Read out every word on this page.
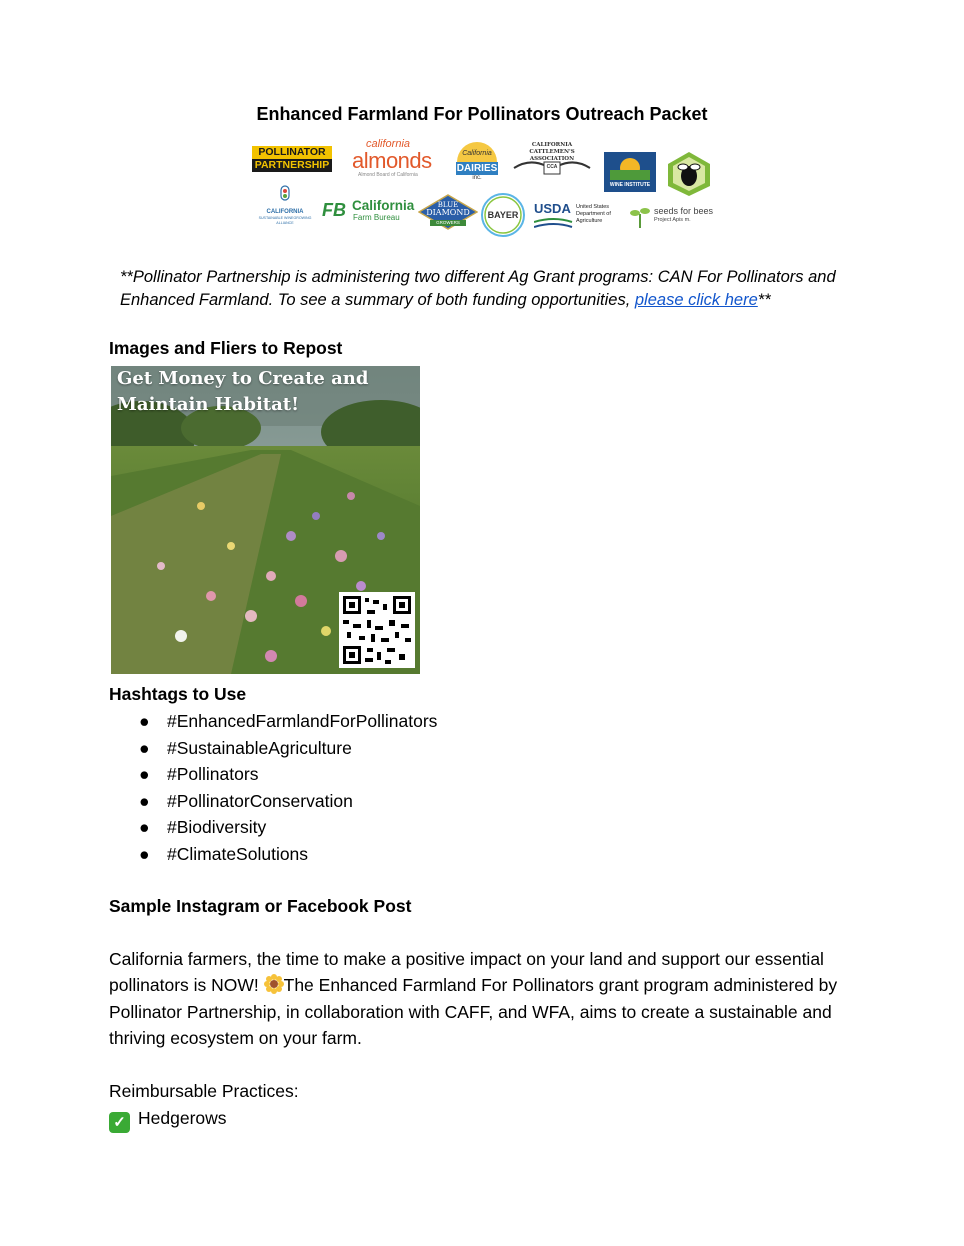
Enhanced Farmland For Pollinators Outreach Packet
POLLINATOR
PARTNERSHIP
california
almonds
Almond Board of California
California
DAIRIES
inc.
CALIFORNIA CATTLEMEN'S ASSOCIATION
CCA
WINE INSTITUTE
CALIFORNIA
SUSTAINABLE WINEGROWING ALLIANCE
FB California
Farm Bureau
BLUE
DIAMOND
GROWERS
BAYER	USDA United States
Department of
Agriculture
seeds for bees
Project Apis m.
**Pollinator Partnership is administering two different Ag Grant programs: CAN For Pollinators and Enhanced Farmland. To see a summary of both funding opportunities, please click here**
Images and Fliers to Repost
Get Money to Create and Maintain Habitat!
Hashtags to Use
● #EnhancedFarmlandForPollinators
● #SustainableAgriculture
● #Pollinators
● #PollinatorConservation
● #Biodiversity
● #ClimateSolutions
Sample Instagram or Facebook Post
California farmers, the time to make a positive impact on your land and support our essential pollinators is NOW! The Enhanced Farmland For Pollinators grant program administered by Pollinator Partnership, in collaboration with CAFF, and WFA, aims to create a sustainable and thriving ecosystem on your farm.
Reimbursable Practices:
✓ Hedgerows
